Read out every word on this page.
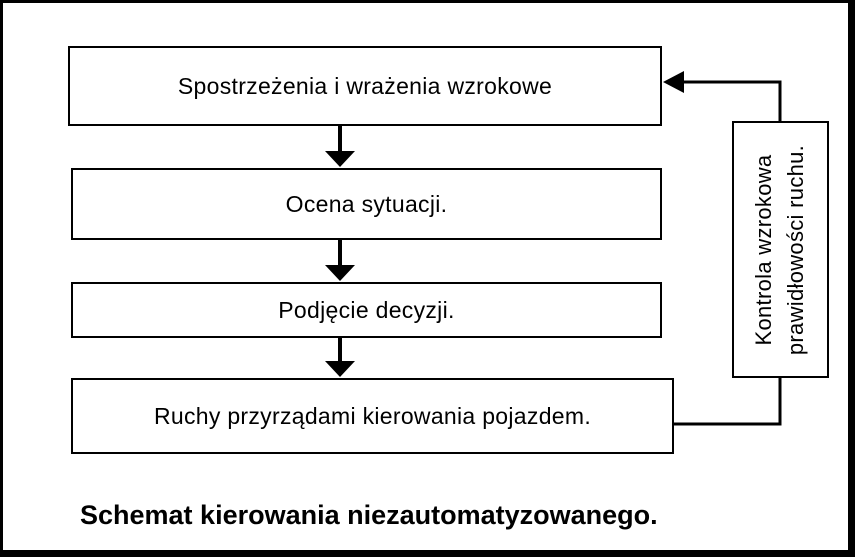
Spostrzeżenia i wrażenia wzrokowe
Ocena sytuacji.
Podjęcie decyzji.
Ruchy przyrządami kierowania pojazdem.
Kontrola wzrokowa prawidłowości ruchu.
Schemat kierowania niezautomatyzowanego.
